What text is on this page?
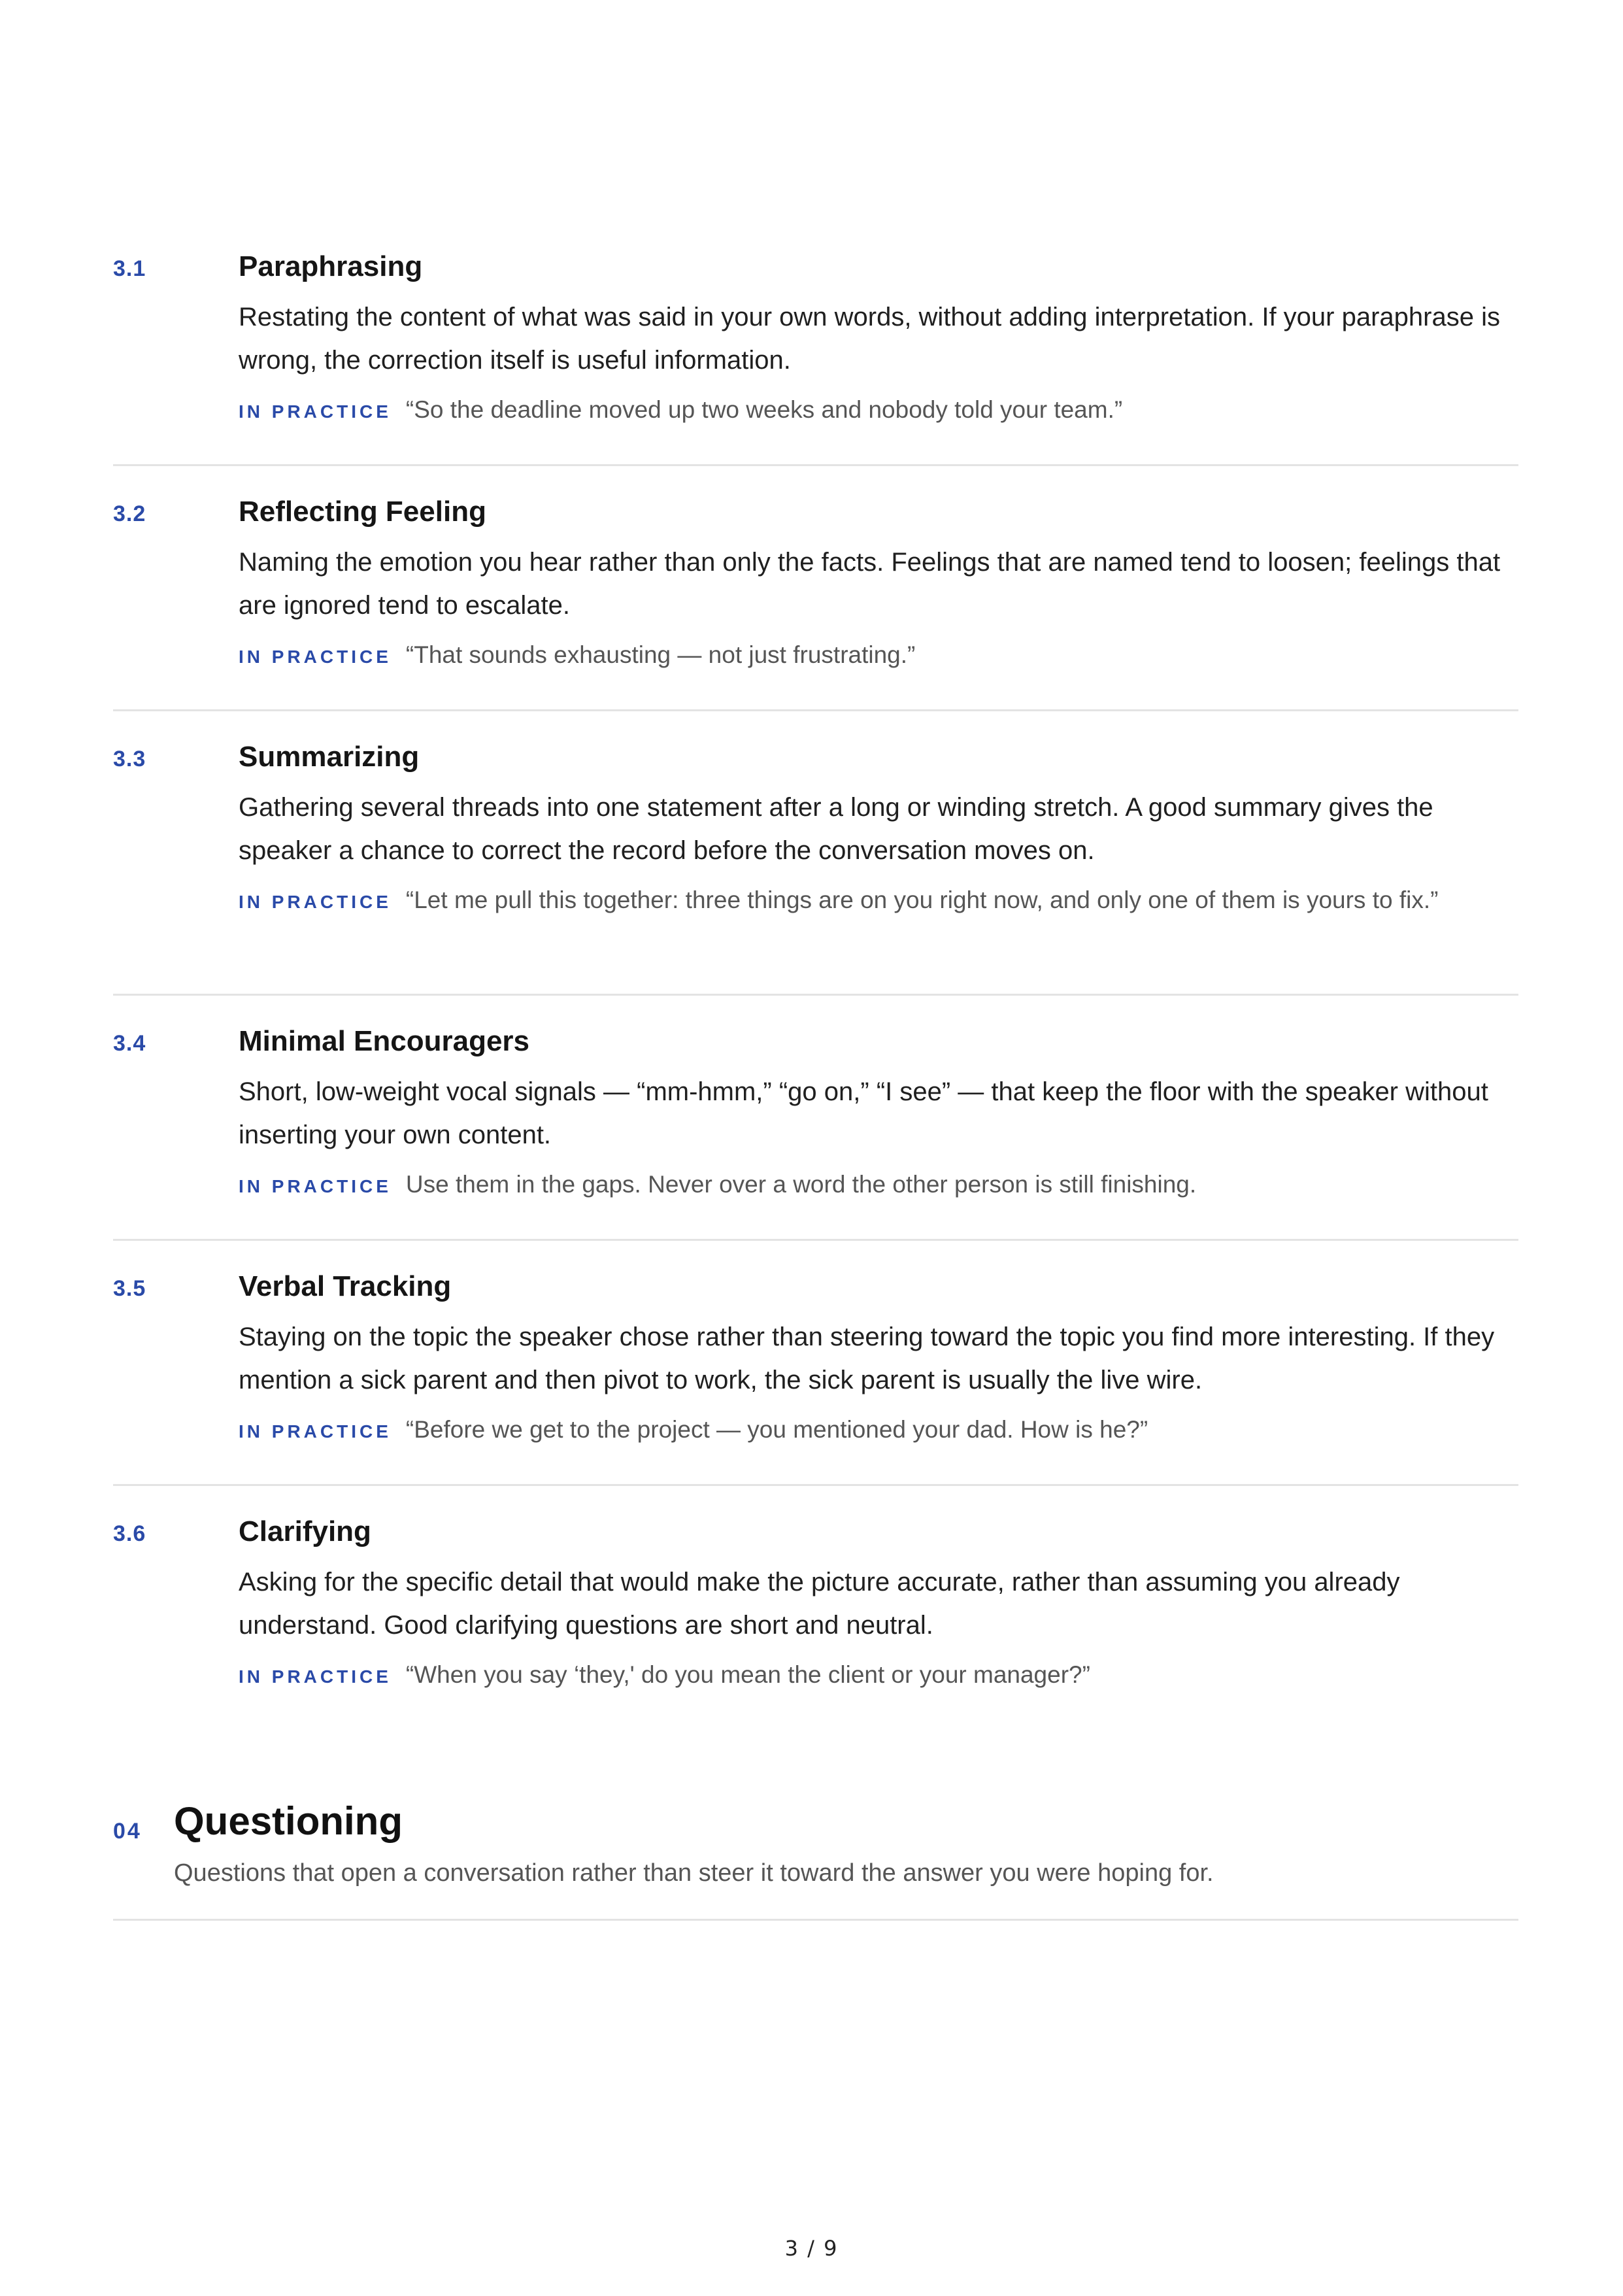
3.1	Paraphrasing
Restating the content of what was said in your own words, without adding interpretation. If your paraphrase is wrong, the correction itself is useful information.
IN PRACTICE “So the deadline moved up two weeks and nobody told your team.”
3.2	Reflecting Feeling
Naming the emotion you hear rather than only the facts. Feelings that are named tend to loosen; feelings that are ignored tend to escalate.
IN PRACTICE “That sounds exhausting — not just frustrating.”
3.3	Summarizing
Gathering several threads into one statement after a long or winding stretch. A good summary gives the speaker a chance to correct the record before the conversation moves on.
IN PRACTICE “Let me pull this together: three things are on you right now, and only one of them is yours to fix.”
3.4	Minimal Encouragers
Short, low-weight vocal signals — “mm-hmm,” “go on,” “I see” — that keep the floor with the speaker without inserting your own content.
IN PRACTICE Use them in the gaps. Never over a word the other person is still finishing.
3.5	Verbal Tracking
Staying on the topic the speaker chose rather than steering toward the topic you find more interesting. If they mention a sick parent and then pivot to work, the sick parent is usually the live wire.
IN PRACTICE “Before we get to the project — you mentioned your dad. How is he?”
3.6	Clarifying
Asking for the specific detail that would make the picture accurate, rather than assuming you already understand. Good clarifying questions are short and neutral.
IN PRACTICE “When you say ‘they,' do you mean the client or your manager?”
04 Questioning
Questions that open a conversation rather than steer it toward the answer you were hoping for.
3 / 9
